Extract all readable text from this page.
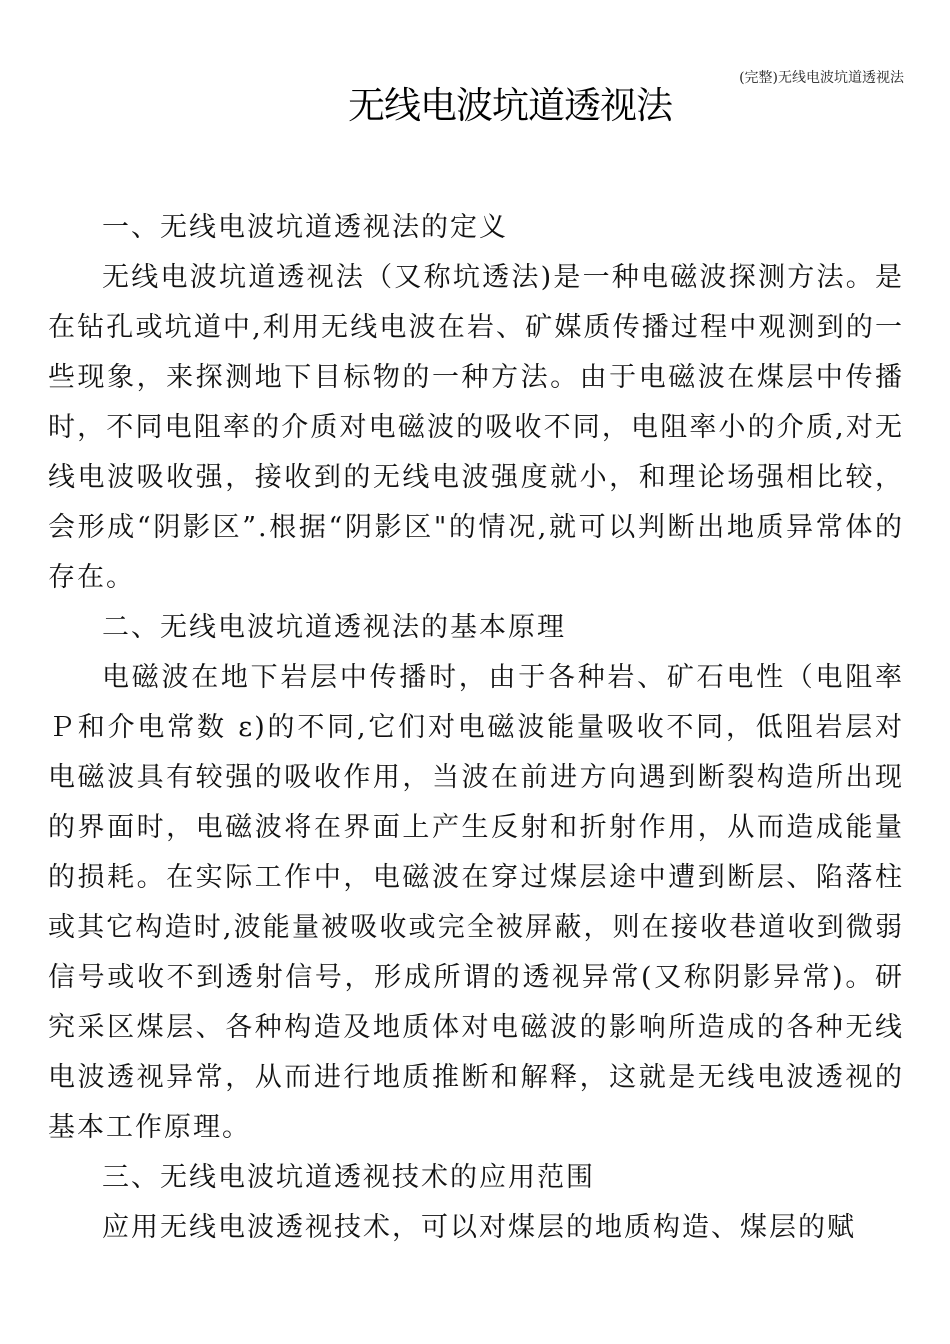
(完整)无线电波坑道透视法
无线电波坑道透视法

一、无线电波坑道透视法的定义

无线电波坑道透视法（又称坑透法)是一种电磁波探测方法。是在钻孔或坑道中,利用无线电波在岩、矿媒质传播过程中观测到的一些现象，来探测地下目标物的一种方法。由于电磁波在煤层中传播时，不同电阻率的介质对电磁波的吸收不同，电阻率小的介质,对无线电波吸收强，接收到的无线电波强度就小，和理论场强相比较，会形成“阴影区”.根据“阴影区"的情况,就可以判断出地质异常体的存在。

二、无线电波坑道透视法的基本原理

电磁波在地下岩层中传播时，由于各种岩、矿石电性（电阻率Ｐ和介电常数 ε)的不同,它们对电磁波能量吸收不同，低阻岩层对电磁波具有较强的吸收作用，当波在前进方向遇到断裂构造所出现的界面时，电磁波将在界面上产生反射和折射作用，从而造成能量的损耗。在实际工作中，电磁波在穿过煤层途中遭到断层、陷落柱或其它构造时,波能量被吸收或完全被屏蔽，则在接收巷道收到微弱信号或收不到透射信号，形成所谓的透视异常(又称阴影异常)。研究采区煤层、各种构造及地质体对电磁波的影响所造成的各种无线电波透视异常，从而进行地质推断和解释，这就是无线电波透视的基本工作原理。

三、无线电波坑道透视技术的应用范围

应用无线电波透视技术，可以对煤层的地质构造、煤层的赋
